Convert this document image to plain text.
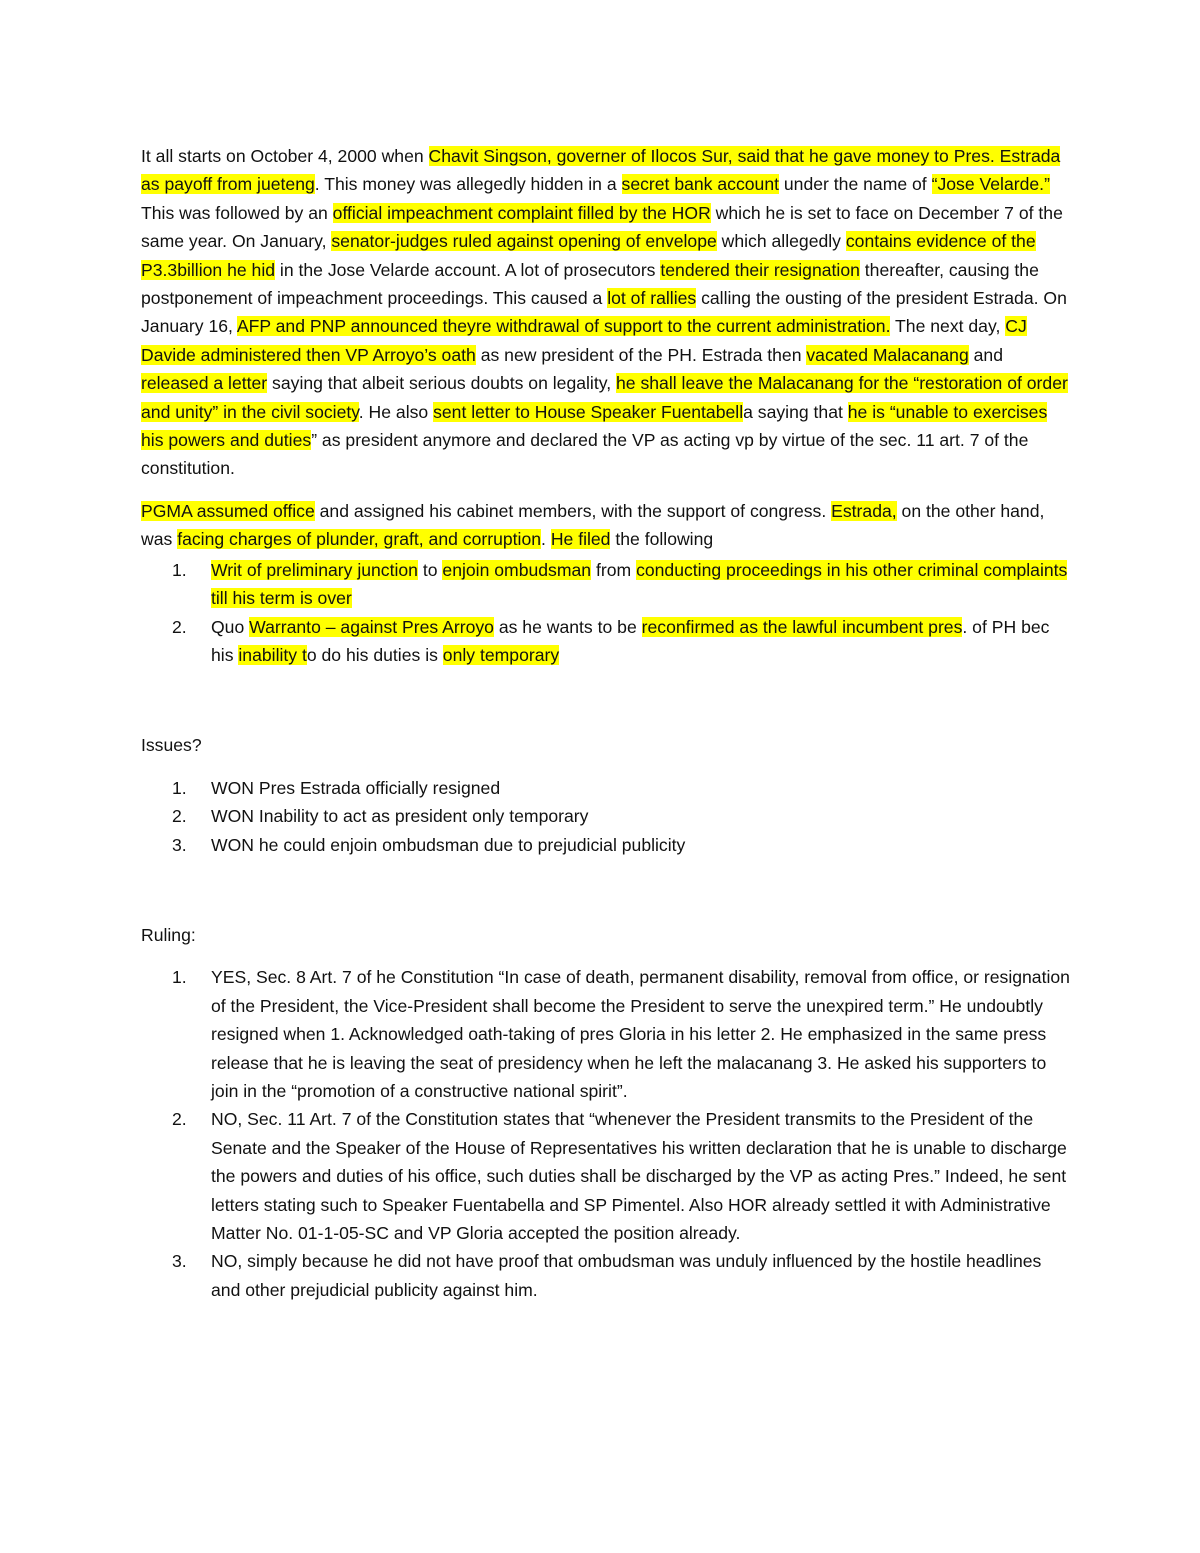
It all starts on October 4, 2000 when Chavit Singson, governer of Ilocos Sur, said that he gave money to Pres. Estrada as payoff from jueteng. This money was allegedly hidden in a secret bank account under the name of “Jose Velarde.” This was followed by an official impeachment complaint filled by the HOR which he is set to face on December 7 of the same year. On January, senator-judges ruled against opening of envelope which allegedly contains evidence of the P3.3billion he hid in the Jose Velarde account. A lot of prosecutors tendered their resignation thereafter, causing the postponement of impeachment proceedings. This caused a lot of rallies calling the ousting of the president Estrada. On January 16, AFP and PNP announced theyre withdrawal of support to the current administration. The next day, CJ Davide administered then VP Arroyo’s oath as new president of the PH. Estrada then vacated Malacanang and released a letter saying that albeit serious doubts on legality, he shall leave the Malacanang for the “restoration of order and unity” in the civil society. He also sent letter to House Speaker Fuentabella saying that he is “unable to exercises his powers and duties” as president anymore and declared the VP as acting vp by virtue of the sec. 11 art. 7 of the constitution.

PGMA assumed office and assigned his cabinet members, with the support of congress. Estrada, on the other hand, was facing charges of plunder, graft, and corruption. He filed the following

1. Writ of preliminary junction to enjoin ombudsman from conducting proceedings in his other criminal complaints till his term is over
2. Quo Warranto – against Pres Arroyo as he wants to be reconfirmed as the lawful incumbent pres. of PH bec his inability to do his duties is only temporary

Issues?

1. WON Pres Estrada officially resigned
2. WON Inability to act as president only temporary
3. WON he could enjoin ombudsman due to prejudicial publicity

Ruling:

1. YES, Sec. 8 Art. 7 of he Constitution “In case of death, permanent disability, removal from office, or resignation of the President, the Vice-President shall become the President to serve the unexpired term.” He undoubtly resigned when 1. Acknowledged oath-taking of pres Gloria in his letter 2. He emphasized in the same press release that he is leaving the seat of presidency when he left the malacanang 3. He asked his supporters to join in the “promotion of a constructive national spirit”.
2. NO, Sec. 11 Art. 7 of the Constitution states that “whenever the President transmits to the President of the Senate and the Speaker of the House of Representatives his written declaration that he is unable to discharge the powers and duties of his office, such duties shall be discharged by the VP as acting Pres.” Indeed, he sent letters stating such to Speaker Fuentabella and SP Pimentel. Also HOR already settled it with Administrative Matter No. 01-1-05-SC and VP Gloria accepted the position already.
3. NO, simply because he did not have proof that ombudsman was unduly influenced by the hostile headlines and other prejudicial publicity against him.
